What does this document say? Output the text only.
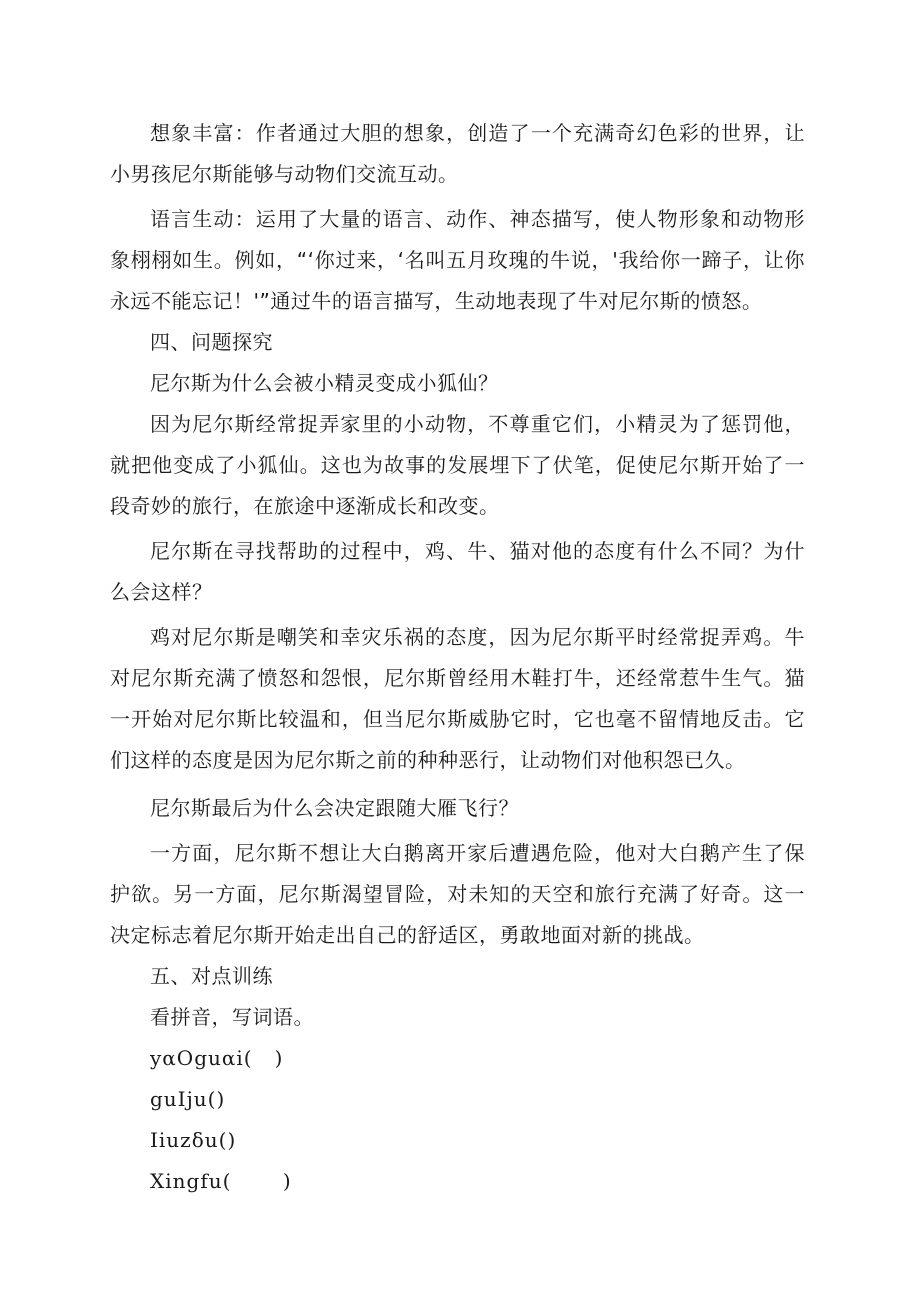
想象丰富：作者通过大胆的想象，创造了一个充满奇幻色彩的世界，让小男孩尼尔斯能够与动物们交流互动。

语言生动：运用了大量的语言、动作、神态描写，使人物形象和动物形象栩栩如生。例如，“‘你过来，‘名叫五月玫瑰的牛说，'我给你一蹄子，让你永远不能忘记！'”通过牛的语言描写，生动地表现了牛对尼尔斯的愤怒。

四、问题探究

尼尔斯为什么会被小精灵变成小狐仙？

因为尼尔斯经常捉弄家里的小动物，不尊重它们，小精灵为了惩罚他，就把他变成了小狐仙。这也为故事的发展埋下了伏笔，促使尼尔斯开始了一段奇妙的旅行，在旅途中逐渐成长和改变。

尼尔斯在寻找帮助的过程中，鸡、牛、猫对他的态度有什么不同？为什么会这样？

鸡对尼尔斯是嘲笑和幸灾乐祸的态度，因为尼尔斯平时经常捉弄鸡。牛对尼尔斯充满了愤怒和怨恨，尼尔斯曾经用木鞋打牛，还经常惹牛生气。猫一开始对尼尔斯比较温和，但当尼尔斯威胁它时，它也毫不留情地反击。它们这样的态度是因为尼尔斯之前的种种恶行，让动物们对他积怨已久。

尼尔斯最后为什么会决定跟随大雁飞行？

一方面，尼尔斯不想让大白鹅离开家后遭遇危险，他对大白鹅产生了保护欲。另一方面，尼尔斯渴望冒险，对未知的天空和旅行充满了好奇。这一决定标志着尼尔斯开始走出自己的舒适区，勇敢地面对新的挑战。

五、对点训练

看拼音，写词语。

yαOguαi(   )

guIju()

Iiuzδu()

Xingfu(       )
